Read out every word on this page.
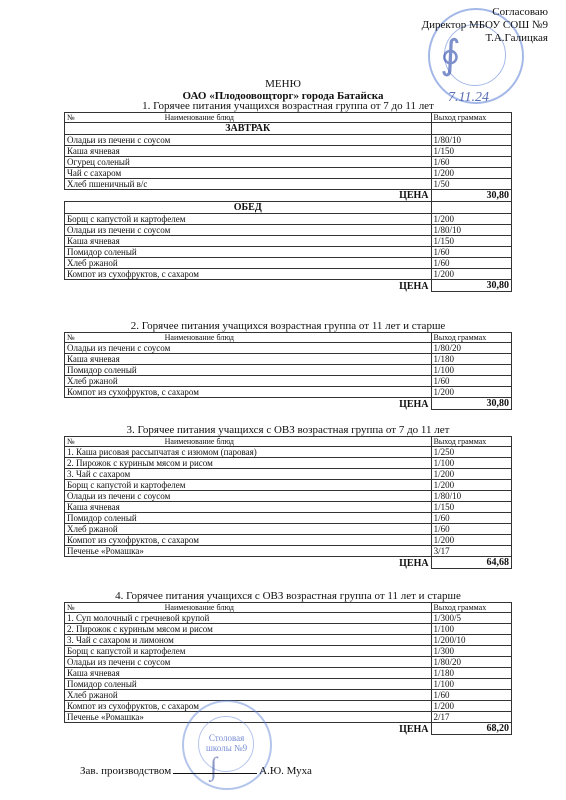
∮
Согласоваю
Директор МБОУ СОШ №9
Т.А.Галицкая
7.11.24
МЕНЮ
ОАО «Плодоовощторг» города Батайска
1. Горячее питания учащихся возрастная группа от 7 до 11 лет
№ Наименование блюд	Выход граммах
ЗАВТРАК	
Оладьи из печени с соусом	1/80/10
Каша ячневая	1/150
Огурец соленый	1/60
Чай с сахаром	1/200
Хлеб пшеничный в/с	1/50
ЦЕНА	30,80
ОБЕД	
Борщ с капустой и картофелем	1/200
Оладьи из печени с соусом	1/80/10
Каша ячневая	1/150
Помидор соленый	1/60
Хлеб ржаной	1/60
Компот из сухофруктов, с сахаром	1/200
ЦЕНА	30,80
2. Горячее питания учащихся возрастная группа от 11 лет и старше
№ Наименование блюд	Выход граммах
Оладьи из печени с соусом	1/80/20
Каша ячневая	1/180
Помидор соленый	1/100
Хлеб ржаной	1/60
Компот из сухофруктов, с сахаром	1/200
ЦЕНА	30,80
3. Горячее питания учащихся с ОВЗ возрастная группа от 7 до 11 лет
№ Наименование блюд	Выход граммах
1. Каша рисовая рассыпчатая с изюмом (паровая)	1/250
2. Пирожок с куриным мясом и рисом	1/100
3. Чай с сахаром	1/200
Борщ с капустой и картофелем	1/200
Оладьи из печени с соусом	1/80/10
Каша ячневая	1/150
Помидор соленый	1/60
Хлеб ржаной	1/60
Компот из сухофруктов, с сахаром	1/200
Печенье «Ромашка»	3/17
ЦЕНА	64,68
4. Горячее питания учащихся с ОВЗ возрастная группа от 11 лет и старше
№ Наименование блюд	Выход граммах
1. Суп молочный с гречневой крупой	1/300/5
2. Пирожок с куриным мясом и рисом	1/100
3. Чай с сахаром и лимоном	1/200/10
Борщ с капустой и картофелем	1/300
Оладьи из печени с соусом	1/80/20
Каша ячневая	1/180
Помидор соленый	1/100
Хлеб ржаной	1/60
Компот из сухофруктов, с сахаром	1/200
Печенье «Ромашка»	2/17
ЦЕНА	68,20
Столовая
школы №9
∫
Зав. производством	А.Ю. Муха
